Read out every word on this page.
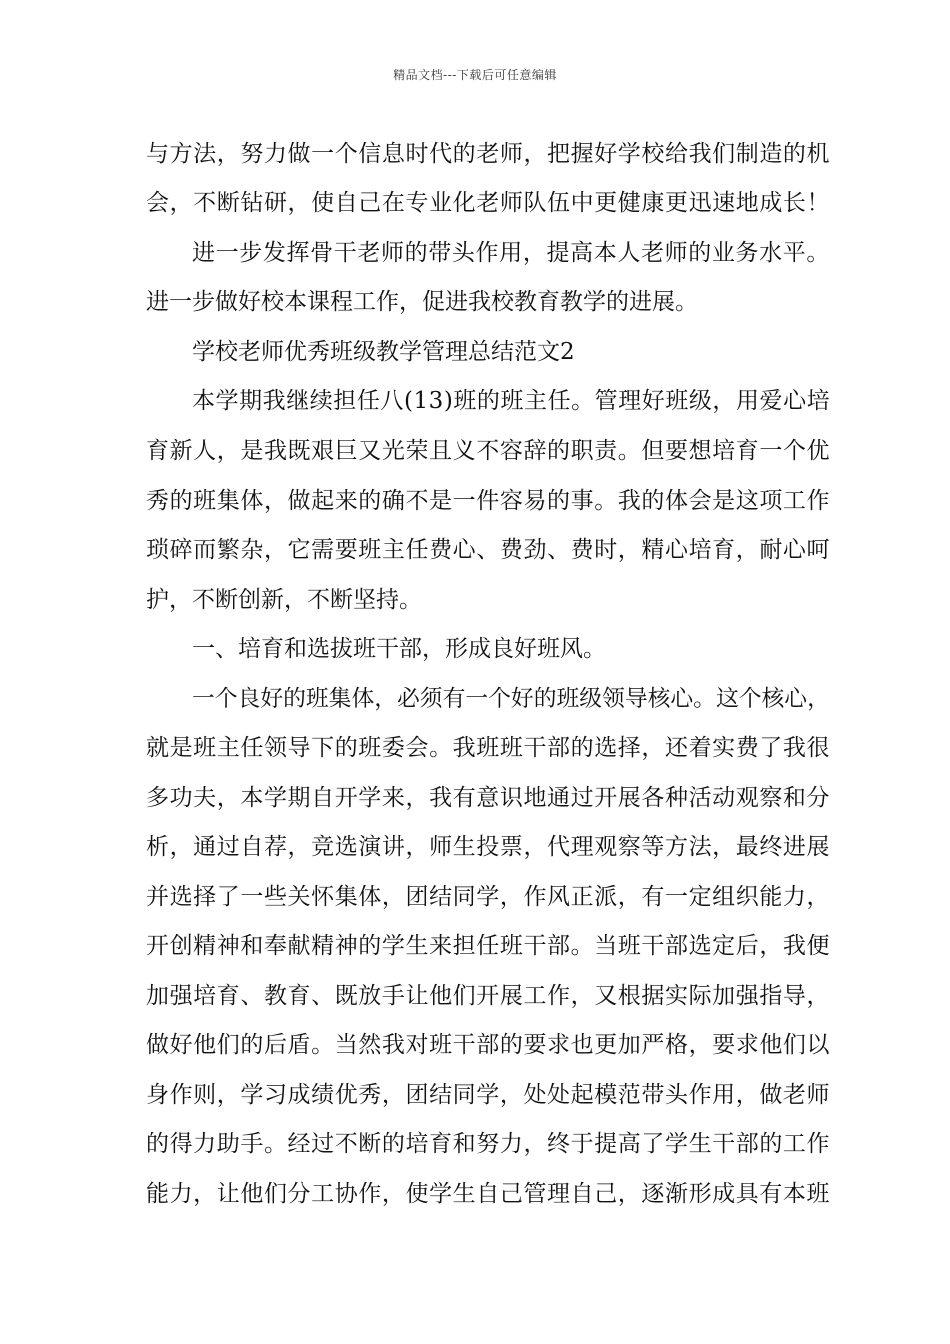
精品文档---下载后可任意编辑
与方法，努力做一个信息时代的老师，把握好学校给我们制造的机
会，不断钻研，使自己在专业化老师队伍中更健康更迅速地成长！
进一步发挥骨干老师的带头作用，提高本人老师的业务水平。
进一步做好校本课程工作，促进我校教育教学的进展。
学校老师优秀班级教学管理总结范文2
本学期我继续担任八(13)班的班主任。管理好班级，用爱心培
育新人，是我既艰巨又光荣且义不容辞的职责。但要想培育一个优
秀的班集体，做起来的确不是一件容易的事。我的体会是这项工作
琐碎而繁杂，它需要班主任费心、费劲、费时，精心培育，耐心呵
护，不断创新，不断坚持。
一、培育和选拔班干部，形成良好班风。
一个良好的班集体，必须有一个好的班级领导核心。这个核心，
就是班主任领导下的班委会。我班班干部的选择，还着实费了我很
多功夫，本学期自开学来，我有意识地通过开展各种活动观察和分
析，通过自荐，竞选演讲，师生投票，代理观察等方法，最终进展
并选择了一些关怀集体，团结同学，作风正派，有一定组织能力，
开创精神和奉献精神的学生来担任班干部。当班干部选定后，我便
加强培育、教育、既放手让他们开展工作，又根据实际加强指导，
做好他们的后盾。当然我对班干部的要求也更加严格，要求他们以
身作则，学习成绩优秀，团结同学，处处起模范带头作用，做老师
的得力助手。经过不断的培育和努力，终于提高了学生干部的工作
能力，让他们分工协作，使学生自己管理自己，逐渐形成具有本班
